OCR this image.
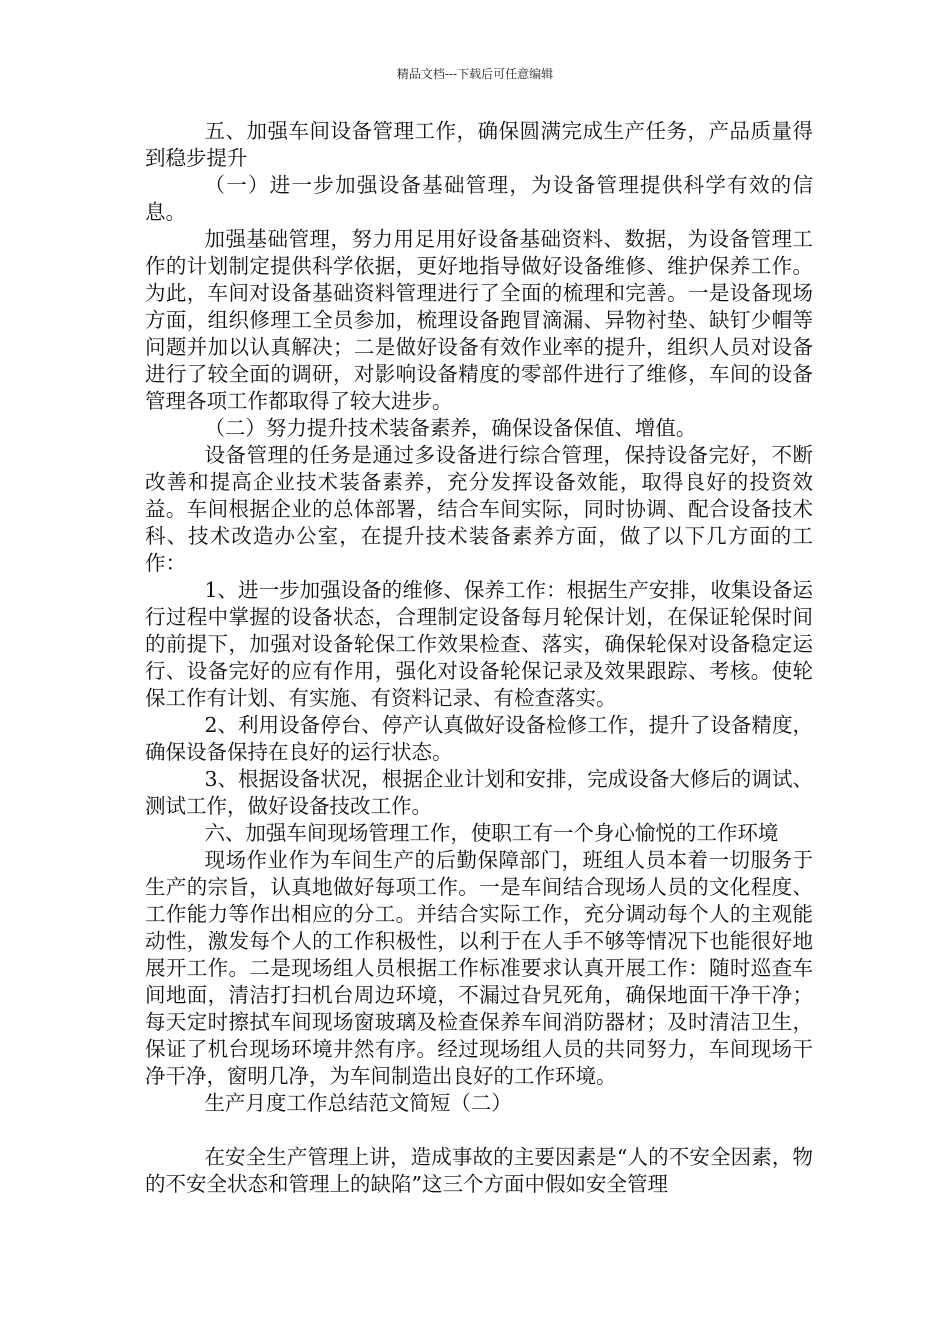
精品文档---下载后可任意编辑

五、加强车间设备管理工作，确保圆满完成生产任务，产品质量得到稳步提升

（一）进一步加强设备基础管理，为设备管理提供科学有效的信息。

加强基础管理，努力用足用好设备基础资料、数据，为设备管理工作的计划制定提供科学依据，更好地指导做好设备维修、维护保养工作。为此，车间对设备基础资料管理进行了全面的梳理和完善。一是设备现场方面，组织修理工全员参加，梳理设备跑冒滴漏、异物衬垫、缺钉少帽等问题并加以认真解决；二是做好设备有效作业率的提升，组织人员对设备进行了较全面的调研，对影响设备精度的零部件进行了维修，车间的设备管理各项工作都取得了较大进步。

（二）努力提升技术装备素养，确保设备保值、增值。

设备管理的任务是通过多设备进行综合管理，保持设备完好，不断改善和提高企业技术装备素养，充分发挥设备效能，取得良好的投资效益。车间根据企业的总体部署，结合车间实际，同时协调、配合设备技术科、技术改造办公室，在提升技术装备素养方面，做了以下几方面的工作：

1、进一步加强设备的维修、保养工作：根据生产安排，收集设备运行过程中掌握的设备状态，合理制定设备每月轮保计划，在保证轮保时间的前提下，加强对设备轮保工作效果检查、落实，确保轮保对设备稳定运行、设备完好的应有作用，强化对设备轮保记录及效果跟踪、考核。使轮保工作有计划、有实施、有资料记录、有检查落实。

2、利用设备停台、停产认真做好设备检修工作，提升了设备精度，确保设备保持在良好的运行状态。

3、根据设备状况，根据企业计划和安排，完成设备大修后的调试、测试工作，做好设备技改工作。

六、加强车间现场管理工作，使职工有一个身心愉悦的工作环境

现场作业作为车间生产的后勤保障部门，班组人员本着一切服务于生产的宗旨，认真地做好每项工作。一是车间结合现场人员的文化程度、工作能力等作出相应的分工。并结合实际工作，充分调动每个人的主观能动性，激发每个人的工作积极性，以利于在人手不够等情况下也能很好地展开工作。二是现场组人员根据工作标准要求认真开展工作：随时巡查车间地面，清洁打扫机台周边环境，不漏过旮旯死角，确保地面干净干净；每天定时擦拭车间现场窗玻璃及检查保养车间消防器材；及时清洁卫生，保证了机台现场环境井然有序。经过现场组人员的共同努力，车间现场干净干净，窗明几净，为车间制造出良好的工作环境。

生产月度工作总结范文简短（二）

在安全生产管理上讲，造成事故的主要因素是“人的不安全因素，物的不安全状态和管理上的缺陷”这三个方面中假如安全管理
